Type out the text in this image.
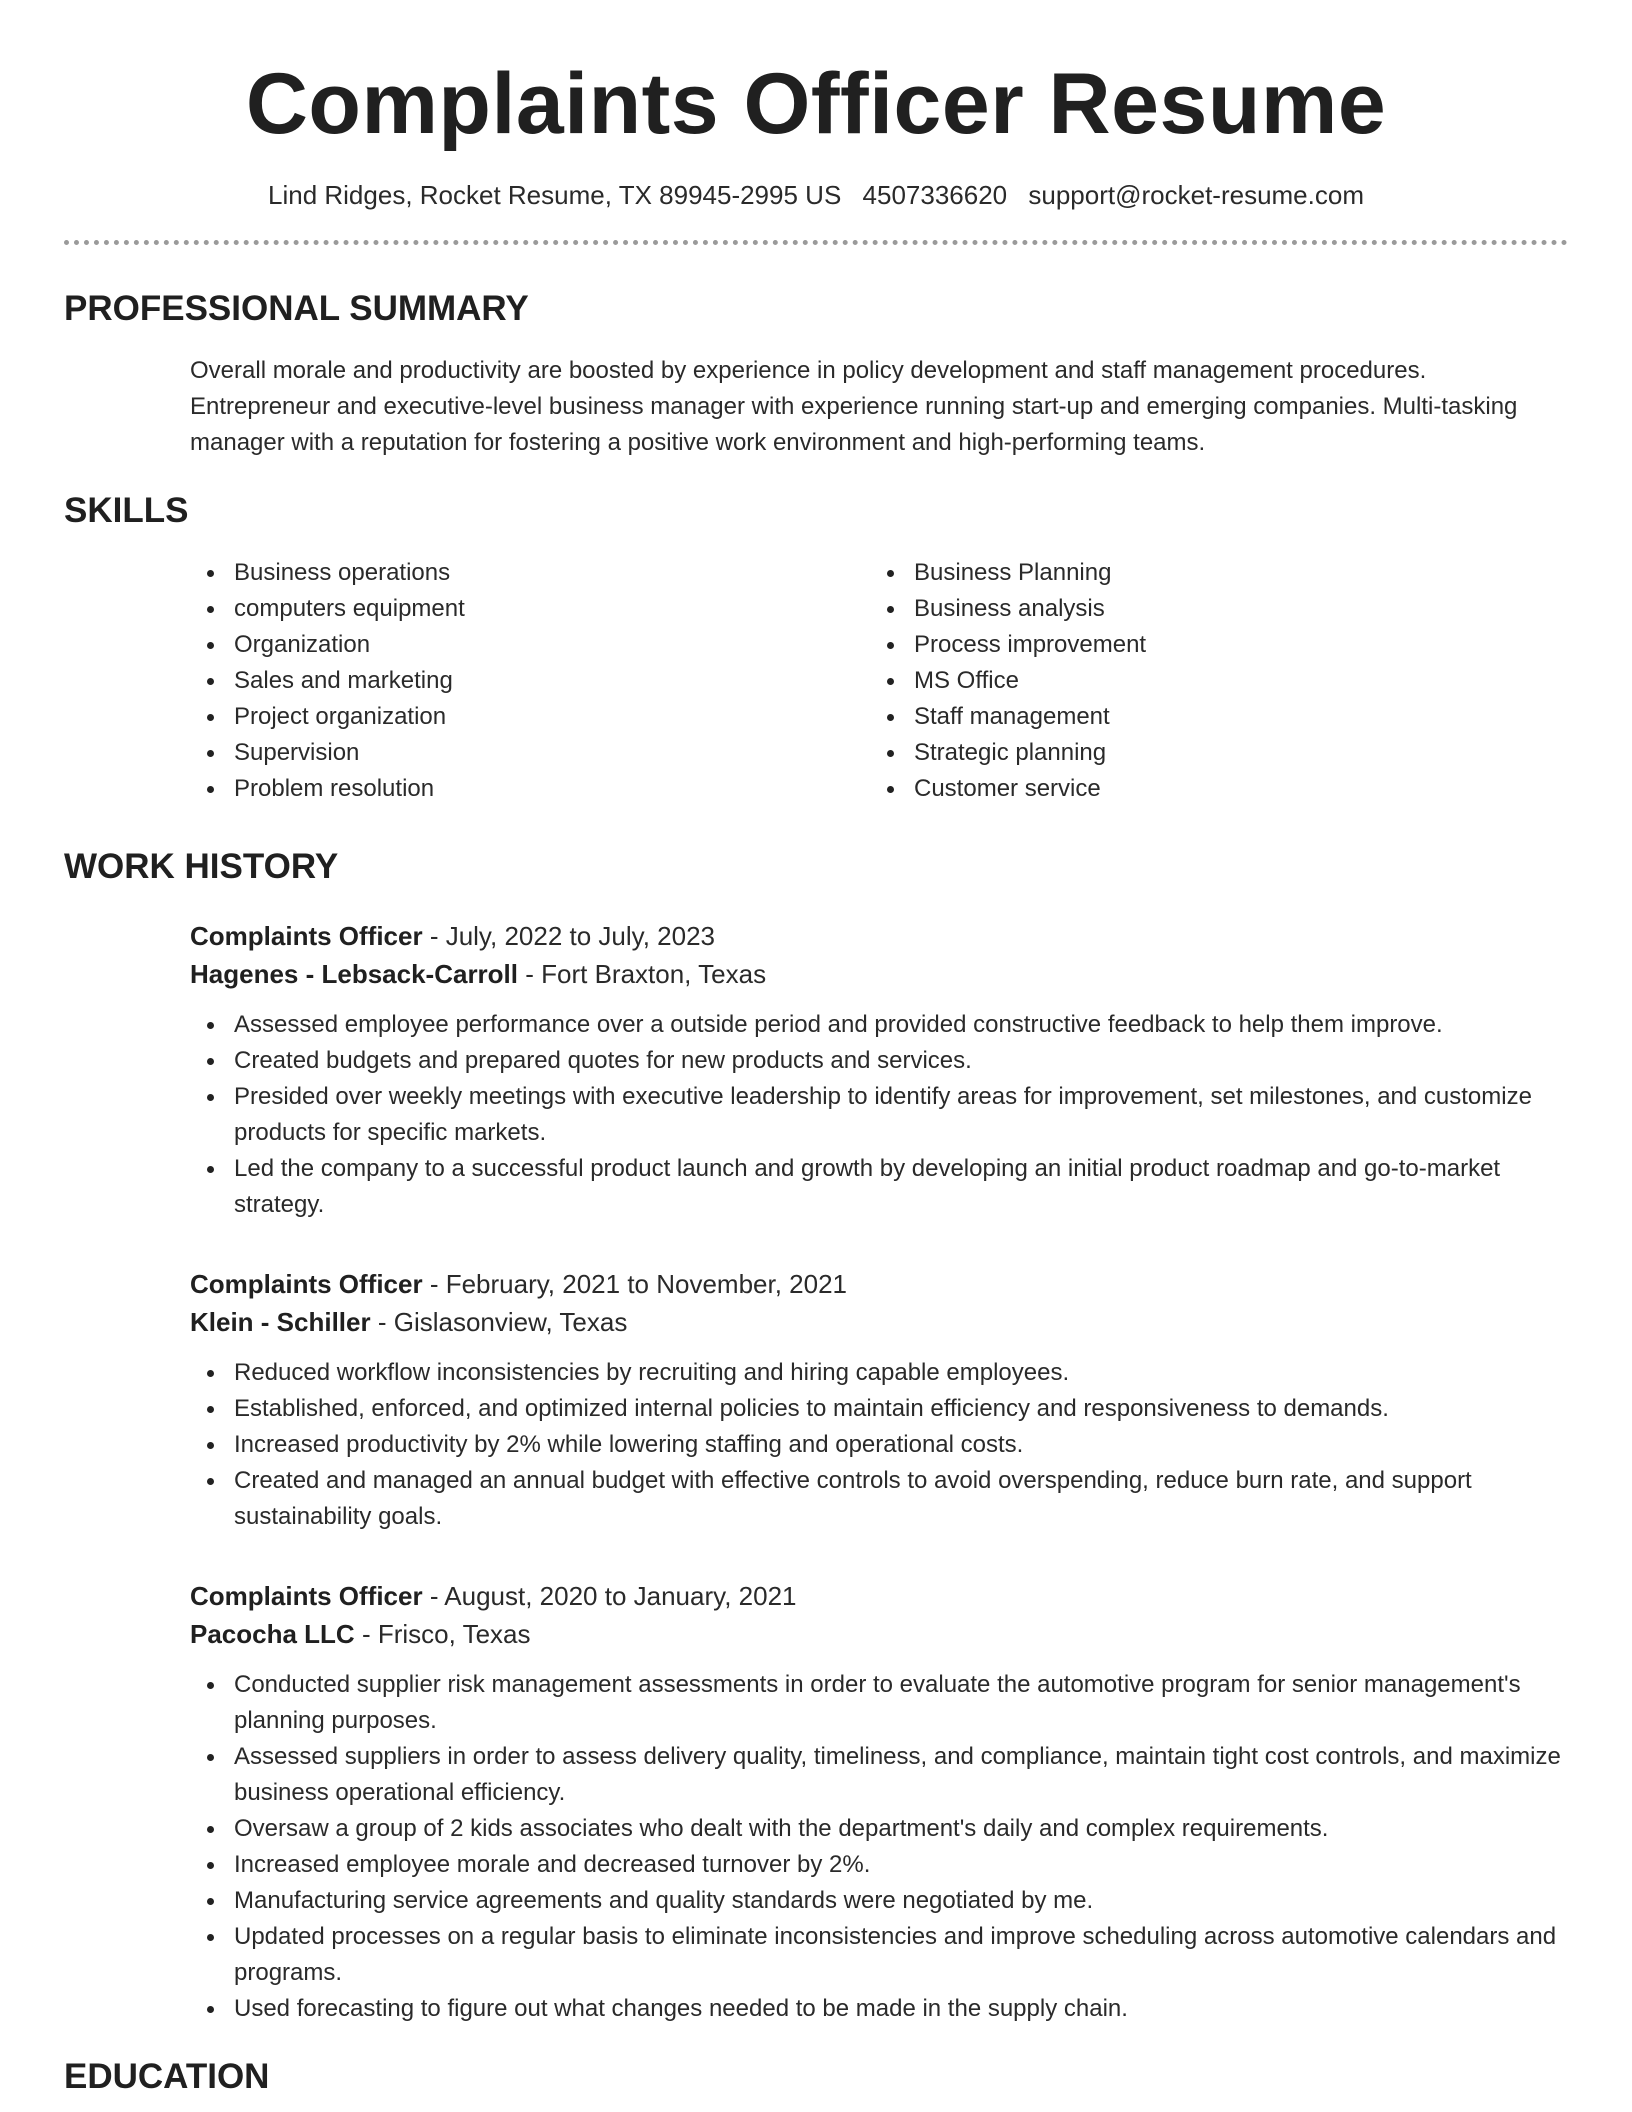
Complaints Officer Resume
Lind Ridges, Rocket Resume, TX 89945-2995 US 4507336620 support@rocket-resume.com
PROFESSIONAL SUMMARY

Overall morale and productivity are boosted by experience in policy development and staff management procedures. Entrepreneur and executive-level business manager with experience running start-up and emerging companies. Multi-tasking manager with a reputation for fostering a positive work environment and high-performing teams.

SKILLS
Business operations
computers equipment
Organization
Sales and marketing
Project organization
Supervision
Problem resolution
Business Planning
Business analysis
Process improvement
MS Office
Staff management
Strategic planning
Customer service
WORK HISTORY
Complaints Officer - July, 2022 to July, 2023
Hagenes - Lebsack-Carroll - Fort Braxton, Texas
Assessed employee performance over a outside period and provided constructive feedback to help them improve.
Created budgets and prepared quotes for new products and services.
Presided over weekly meetings with executive leadership to identify areas for improvement, set milestones, and customize products for specific markets.
Led the company to a successful product launch and growth by developing an initial product roadmap and go-to-market strategy.
Complaints Officer - February, 2021 to November, 2021
Klein - Schiller - Gislasonview, Texas
Reduced workflow inconsistencies by recruiting and hiring capable employees.
Established, enforced, and optimized internal policies to maintain efficiency and responsiveness to demands.
Increased productivity by 2% while lowering staffing and operational costs.
Created and managed an annual budget with effective controls to avoid overspending, reduce burn rate, and support sustainability goals.
Complaints Officer - August, 2020 to January, 2021
Pacocha LLC - Frisco, Texas
Conducted supplier risk management assessments in order to evaluate the automotive program for senior management's planning purposes.
Assessed suppliers in order to assess delivery quality, timeliness, and compliance, maintain tight cost controls, and maximize business operational efficiency.
Oversaw a group of 2 kids associates who dealt with the department's daily and complex requirements.
Increased employee morale and decreased turnover by 2%.
Manufacturing service agreements and quality standards were negotiated by me.
Updated processes on a regular basis to eliminate inconsistencies and improve scheduling across automotive calendars and programs.
Used forecasting to figure out what changes needed to be made in the supply chain.
EDUCATION
